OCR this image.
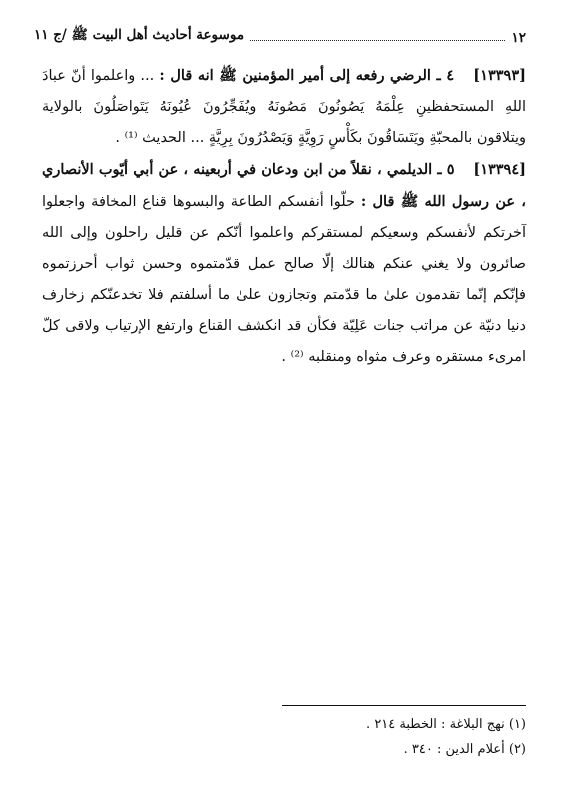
١٢
موسوعة أحاديث أهل البيت ﷺ /ج ١١

[١٣٣٩٣] ٤ ـ الرضي رفعه إلى أمير المؤمنين ﷺ انه قال : ... واعلموا أنّ عبادَ اللهِ المستحفظينِ عِلْمَهُ يَصُونُونَ مَصُونَهُ ويُفَجِّرُونَ عُيُونَهُ يَتَواصَلُونَ بالولاية ويتلاقون بالمحبّةِ ويَتَسَاقُونَ بكَأْسٍ رَوِيَّةٍ وَيَصْدُرُونَ بِرِيَّةٍ ... الحديث ⁽¹⁾ .

[١٣٣٩٤] ٥ ـ الديلمي ، نقلاً من ابن ودعان في أربعينه ، عن أبي أيّوب الأنصاري ، عن رسول الله ﷺ قال : حلّوا أنفسكم الطاعة والبسوها قناع المخافة واجعلوا آخرتكم لأنفسكم وسعيكم لمستقركم واعلموا أنّكم عن قليل راحلون وإلى الله صائرون ولا يغني عنكم هنالك إلّا صالح عمل قدّمتموه وحسن ثواب أحرزتموه فإنّكم إنّما تقدمون علىٰ ما قدّمتم وتجازون علىٰ ما أسلفتم فلا تخدعنّكم زخارف دنيا دنيّة عن مراتب جنات عَلِيّة فكأن قد انكشف القناع وارتفع الإرتياب ولاقى كلّ امرىء مستقره وعرف مثواه ومنقلبه ⁽²⁾ .

(١) نهج البلاغة : الخطبة ٢١٤ .

(٢) أعلام الدين : ٣٤٠ .
